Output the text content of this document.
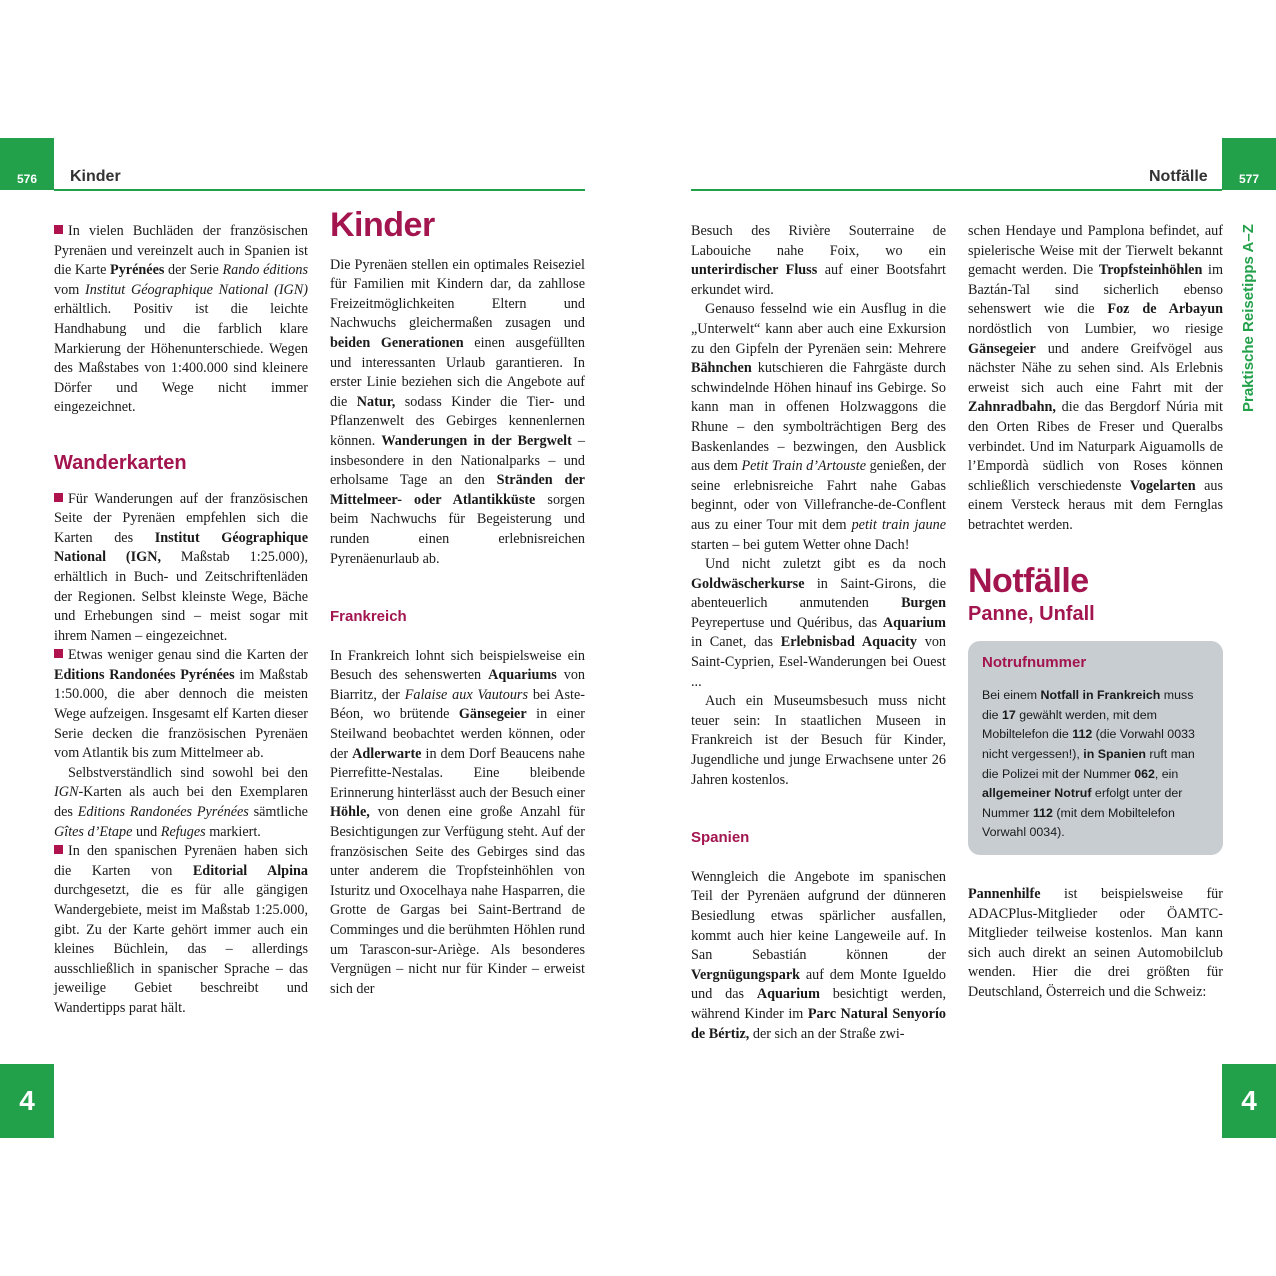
576 Kinder

In vielen Buchläden der französischen Pyrenäen und vereinzelt auch in Spanien ist die Karte Pyrénées der Serie Rando éditions vom Institut Géographique National (IGN) erhältlich. Positiv ist die leichte Handhabung und die farblich klare Markierung der Höhenunterschiede. Wegen des Maßstabes von 1:400.000 sind kleinere Dörfer und Wege nicht immer eingezeichnet.

Wanderkarten

Für Wanderungen auf der französischen Seite der Pyrenäen empfehlen sich die Karten des Institut Géographique National (IGN, Maßstab 1:25.000), erhältlich in Buch- und Zeitschriftenläden der Regionen. Selbst kleinste Wege, Bäche und Erhebungen sind – meist sogar mit ihrem Namen – eingezeichnet.

Etwas weniger genau sind die Karten der Editions Randonées Pyrénées im Maßstab 1:50.000, die aber dennoch die meisten Wege aufzeigen. Insgesamt elf Karten dieser Serie decken die französischen Pyrenäen vom Atlantik bis zum Mittelmeer ab.

Selbstverständlich sind sowohl bei den IGN-Karten als auch bei den Exemplaren des Editions Randonées Pyrénées sämtliche Gîtes d’Etape und Refuges markiert.

In den spanischen Pyrenäen haben sich die Karten von Editorial Alpina durchgesetzt, die es für alle gängigen Wandergebiete, meist im Maßstab 1:25.000, gibt. Zu der Karte gehört immer auch ein kleines Büchlein, das – allerdings ausschließlich in spanischer Sprache – das jeweilige Gebiet beschreibt und Wandertipps parat hält.

Kinder

Die Pyrenäen stellen ein optimales Reiseziel für Familien mit Kindern dar, da zahllose Freizeitmöglichkeiten Eltern und Nachwuchs gleichermaßen zusagen und beiden Generationen einen ausgefüllten und interessanten Urlaub garantieren. In erster Linie beziehen sich die Angebote auf die Natur, sodass Kinder die Tier- und Pflanzenwelt des Gebirges kennenlernen können. Wanderungen in der Bergwelt – insbesondere in den Nationalparks – und erholsame Tage an den Stränden der Mittelmeer- oder Atlantikküste sorgen beim Nachwuchs für Begeisterung und runden einen erlebnisreichen Pyrenäenurlaub ab.

Frankreich

In Frankreich lohnt sich beispielsweise ein Besuch des sehenswerten Aquariums von Biarritz, der Falaise aux Vautours bei Aste-Béon, wo brütende Gänsegeier in einer Steilwand beobachtet werden können, oder der Adlerwarte in dem Dorf Beaucens nahe Pierrefitte-Nestalas. Eine bleibende Erinnerung hinterlässt auch der Besuch einer Höhle, von denen eine große Anzahl für Besichtigungen zur Verfügung steht. Auf der französischen Seite des Gebirges sind das unter anderem die Tropfsteinhöhlen von Isturitz und Oxocelhaya nahe Hasparren, die Grotte de Gargas bei Saint-Bertrand de Comminges und die berühmten Höhlen rund um Tarascon-sur-Ariège. Als besonderes Vergnügen – nicht nur für Kinder – erweist sich der

4
Notfälle	577
Praktische Reisetipps A–Z

Besuch des Rivière Souterraine de Labouiche nahe Foix, wo ein unterirdischer Fluss auf einer Bootsfahrt erkundet wird.

Genauso fesselnd wie ein Ausflug in die „Unterwelt“ kann aber auch eine Exkursion zu den Gipfeln der Pyrenäen sein: Mehrere Bähnchen kutschieren die Fahrgäste durch schwindelnde Höhen hinauf ins Gebirge. So kann man in offenen Holzwaggons die Rhune – den symbolträchtigen Berg des Baskenlandes – bezwingen, den Ausblick aus dem Petit Train d’Artouste genießen, der seine erlebnisreiche Fahrt nahe Gabas beginnt, oder von Villefranche-de-Conflent aus zu einer Tour mit dem petit train jaune starten – bei gutem Wetter ohne Dach!

Und nicht zuletzt gibt es da noch Goldwäscherkurse in Saint-Girons, die abenteuerlich anmutenden Burgen Peyrepertuse und Quéribus, das Aquarium in Canet, das Erlebnisbad Aquacity von Saint-Cyprien, Esel-Wanderungen bei Ouest ...

Auch ein Museumsbesuch muss nicht teuer sein: In staatlichen Museen in Frankreich ist der Besuch für Kinder, Jugendliche und junge Erwachsene unter 26 Jahren kostenlos.

Spanien

Wenngleich die Angebote im spanischen Teil der Pyrenäen aufgrund der dünneren Besiedlung etwas spärlicher ausfallen, kommt auch hier keine Langeweile auf. In San Sebastián können der Vergnügungspark auf dem Monte Igueldo und das Aquarium besichtigt werden, während Kinder im Parc Natural Senyorío de Bértiz, der sich an der Straße zwi-

schen Hendaye und Pamplona befindet, auf spielerische Weise mit der Tierwelt bekannt gemacht werden. Die Tropfsteinhöhlen im Baztán-Tal sind sicherlich ebenso sehenswert wie die Foz de Arbayun nordöstlich von Lumbier, wo riesige Gänsegeier und andere Greifvögel aus nächster Nähe zu sehen sind. Als Erlebnis erweist sich auch eine Fahrt mit der Zahnradbahn, die das Bergdorf Núria mit den Orten Ribes de Freser und Queralbs verbindet. Und im Naturpark Aiguamolls de l’Empordà südlich von Roses können schließlich verschiedenste Vogelarten aus einem Versteck heraus mit dem Fernglas betrachtet werden.

Notfälle
Panne, Unfall
Notrufnummer

Bei einem Notfall in Frankreich muss die 17 gewählt werden, mit dem Mobiltelefon die 112 (die Vorwahl 0033 nicht vergessen!), in Spanien ruft man die Polizei mit der Nummer 062, ein allgemeiner Notruf erfolgt unter der Nummer 112 (mit dem Mobiltelefon Vorwahl 0034).

Pannenhilfe ist beispielsweise für ADACPlus-Mitglieder oder ÖAMTC-Mitglieder teilweise kostenlos. Man kann sich auch direkt an seinen Automobilclub wenden. Hier die drei größten für Deutschland, Österreich und die Schweiz:

4
